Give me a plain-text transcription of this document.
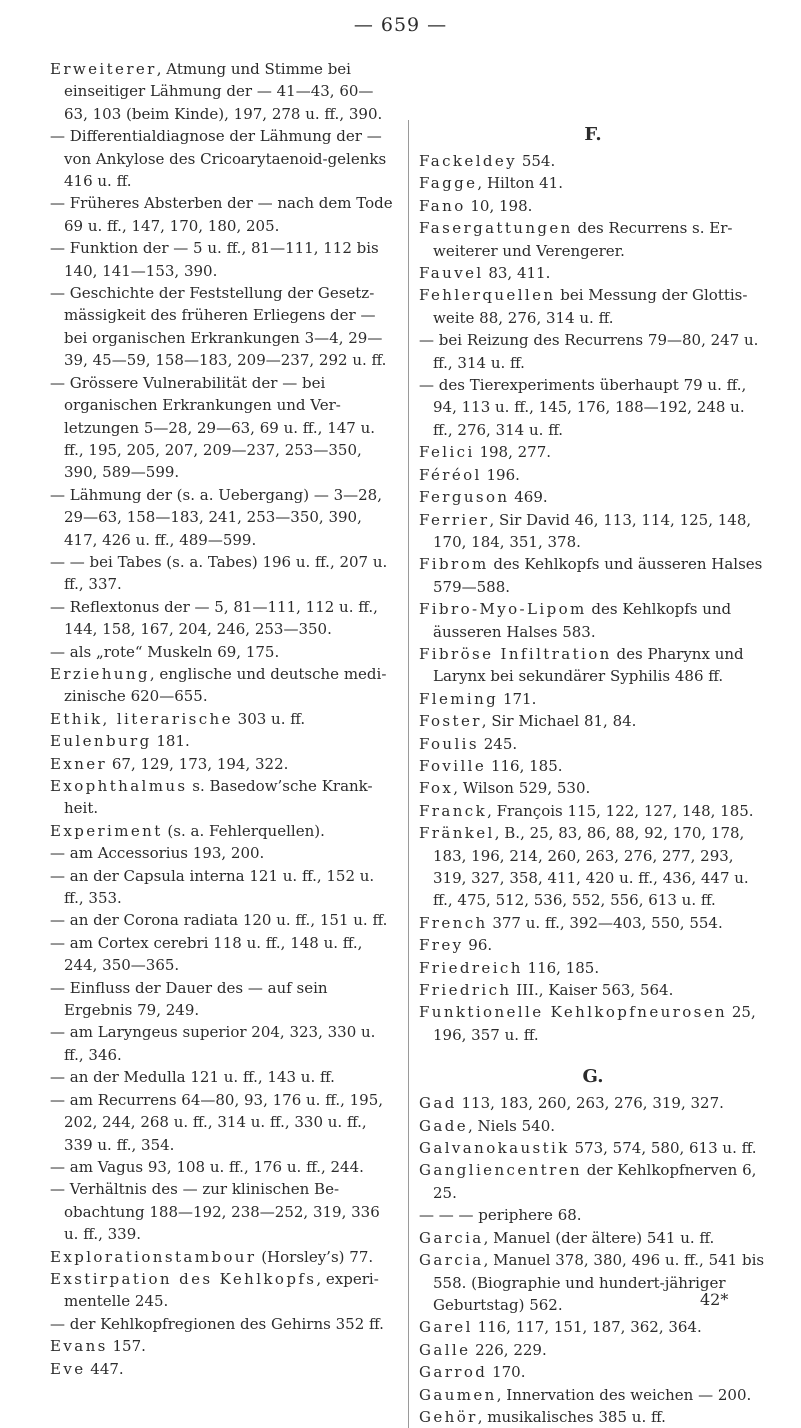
— 659 —
Erweiterer, Atmung und Stimme bei einseitiger Lähmung der — 41—43, 60—63, 103 (beim Kinde), 197, 278 u. ff., 390.
— Differentialdiagnose der Lähmung der — von Ankylose des Cricoarytaenoid-gelenks 416 u. ff.
— Früheres Absterben der — nach dem Tode 69 u. ff., 147, 170, 180, 205.
— Funktion der — 5 u. ff., 81—111, 112 bis 140, 141—153, 390.
— Geschichte der Feststellung der Gesetz-mässigkeit des früheren Erliegens der — bei organischen Erkrankungen 3—4, 29—39, 45—59, 158—183, 209—237, 292 u. ff.
— Grössere Vulnerabilität der — bei organischen Erkrankungen und Ver-letzungen 5—28, 29—63, 69 u. ff., 147 u. ff., 195, 205, 207, 209—237, 253—350, 390, 589—599.
— Lähmung der (s. a. Uebergang) — 3—28, 29—63, 158—183, 241, 253—350, 390, 417, 426 u. ff., 489—599.
— — bei Tabes (s. a. Tabes) 196 u. ff., 207 u. ff., 337.
— Reflextonus der — 5, 81—111, 112 u. ff., 144, 158, 167, 204, 246, 253—350.
— als „rote“ Muskeln 69, 175.
Erziehung, englische und deutsche medi-zinische 620—655.
Ethik, literarische 303 u. ff.
Eulenburg 181.
Exner 67, 129, 173, 194, 322.
Exophthalmus s. Basedow’sche Krank-heit.
Experiment (s. a. Fehlerquellen).
— am Accessorius 193, 200.
— an der Capsula interna 121 u. ff., 152 u. ff., 353.
— an der Corona radiata 120 u. ff., 151 u. ff.
— am Cortex cerebri 118 u. ff., 148 u. ff., 244, 350—365.
— Einfluss der Dauer des — auf sein Ergebnis 79, 249.
— am Laryngeus superior 204, 323, 330 u. ff., 346.
— an der Medulla 121 u. ff., 143 u. ff.
— am Recurrens 64—80, 93, 176 u. ff., 195, 202, 244, 268 u. ff., 314 u. ff., 330 u. ff., 339 u. ff., 354.
— am Vagus 93, 108 u. ff., 176 u. ff., 244.
— Verhältnis des — zur klinischen Be-obachtung 188—192, 238—252, 319, 336 u. ff., 339.
Explorationstambour (Horsley’s) 77.
Exstirpation des Kehlkopfs, experi-mentelle 245.
— der Kehlkopfregionen des Gehirns 352 ff.
Evans 157.
Eve 447.
F.
Fackeldey 554.
Fagge, Hilton 41.
Fano 10, 198.
Fasergattungen des Recurrens s. Er-weiterer und Verengerer.
Fauvel 83, 411.
Fehlerquellen bei Messung der Glottis-weite 88, 276, 314 u. ff.
— bei Reizung des Recurrens 79—80, 247 u. ff., 314 u. ff.
— des Tierexperiments überhaupt 79 u. ff., 94, 113 u. ff., 145, 176, 188—192, 248 u. ff., 276, 314 u. ff.
Felici 198, 277.
Féréol 196.
Ferguson 469.
Ferrier, Sir David 46, 113, 114, 125, 148, 170, 184, 351, 378.
Fibrom des Kehlkopfs und äusseren Halses 579—588.
Fibro-Myo-Lipom des Kehlkopfs und äusseren Halses 583.
Fibröse Infiltration des Pharynx und Larynx bei sekundärer Syphilis 486 ff.
Fleming 171.
Foster, Sir Michael 81, 84.
Foulis 245.
Foville 116, 185.
Fox, Wilson 529, 530.
Franck, François 115, 122, 127, 148, 185.
Fränkel, B., 25, 83, 86, 88, 92, 170, 178, 183, 196, 214, 260, 263, 276, 277, 293, 319, 327, 358, 411, 420 u. ff., 436, 447 u. ff., 475, 512, 536, 552, 556, 613 u. ff.
French 377 u. ff., 392—403, 550, 554.
Frey 96.
Friedreich 116, 185.
Friedrich III., Kaiser 563, 564.
Funktionelle Kehlkopfneurosen 25, 196, 357 u. ff.
G.
Gad 113, 183, 260, 263, 276, 319, 327.
Gade, Niels 540.
Galvanokaustik 573, 574, 580, 613 u. ff.
Gangliencentren der Kehlkopfnerven 6, 25.
— — — periphere 68.
Garcia, Manuel (der ältere) 541 u. ff.
Garcia, Manuel 378, 380, 496 u. ff., 541 bis 558. (Biographie und hundert-jähriger Geburtstag) 562.
Garel 116, 117, 151, 187, 362, 364.
Galle 226, 229.
Garrod 170.
Gaumen, Innervation des weichen — 200.
Gehör, musikalisches 385 u. ff.
42*
